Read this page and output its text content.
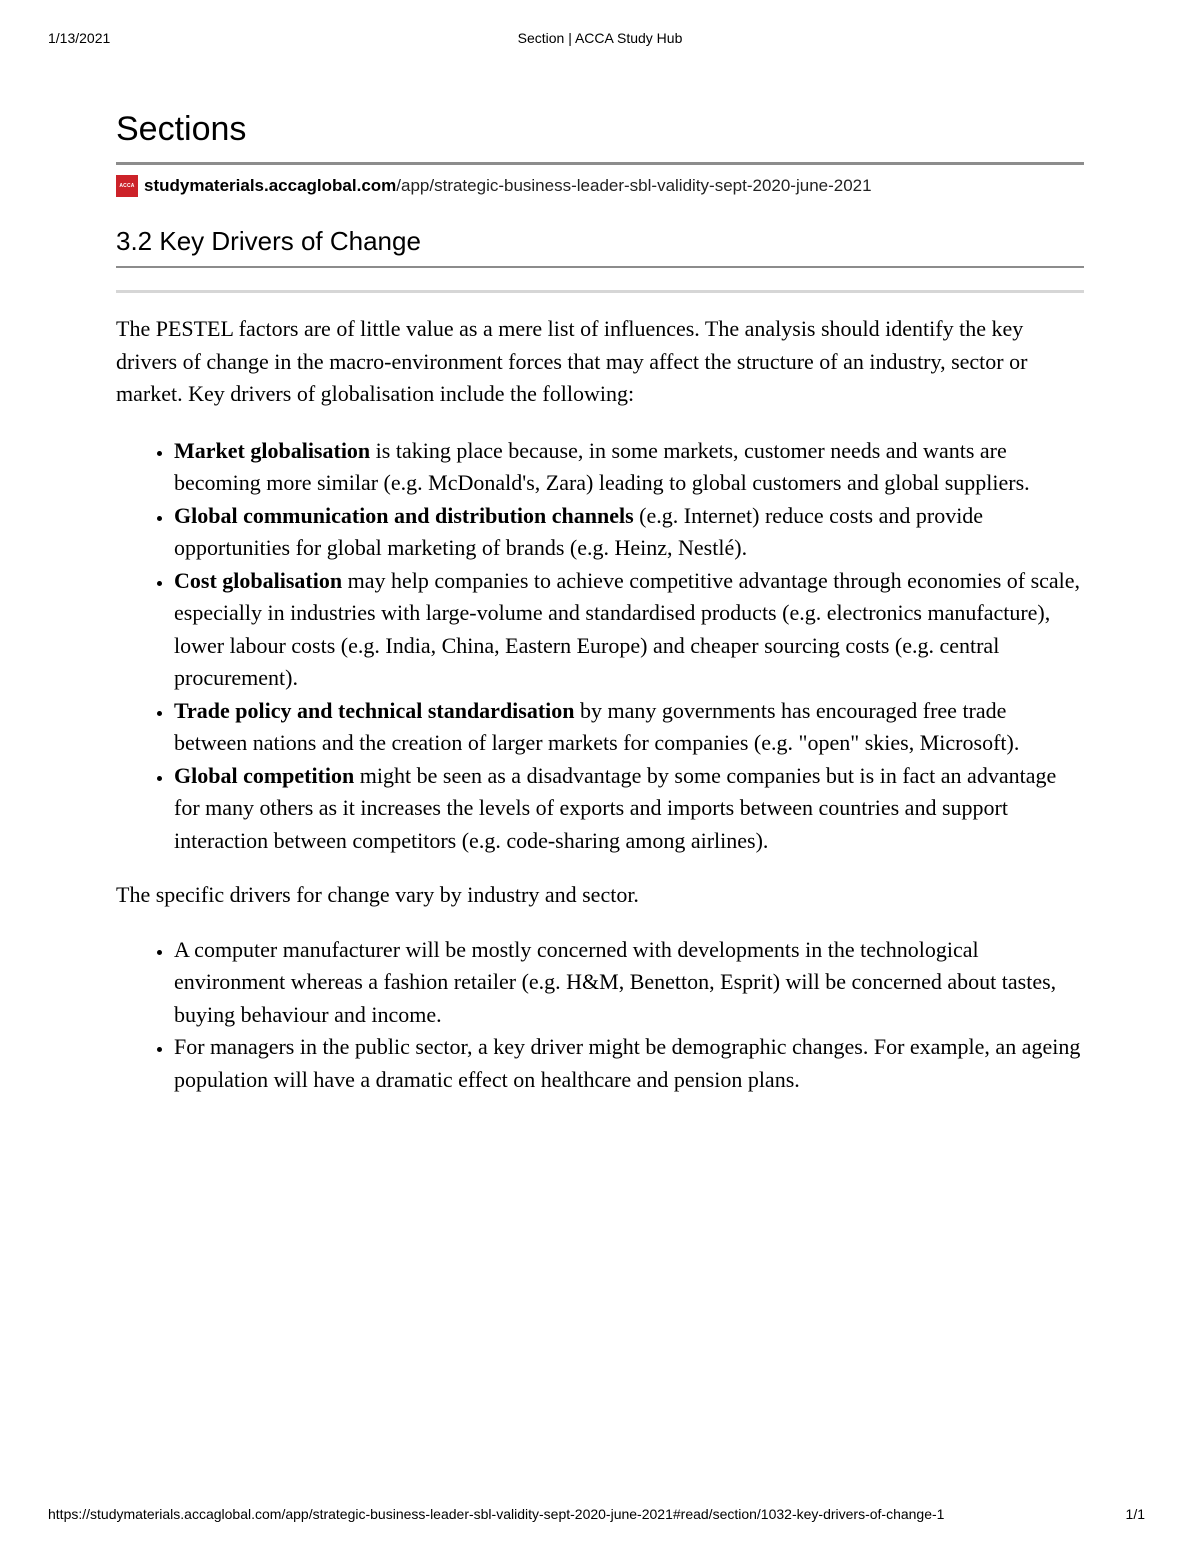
1/13/2021	Section | ACCA Study Hub
Sections
ACCA studymaterials.accaglobal.com /app/strategic-business-leader-sbl-validity-sept-2020-june-2021
3.2 Key Drivers of Change

The PESTEL factors are of little value as a mere list of influences. The analysis should identify the key drivers of change in the macro-environment forces that may affect the structure of an industry, sector or market. Key drivers of globalisation include the following:

• Market globalisation is taking place because, in some markets, customer needs and wants are becoming more similar (e.g. McDonald's, Zara) leading to global customers and global suppliers.
• Global communication and distribution channels (e.g. Internet) reduce costs and provide opportunities for global marketing of brands (e.g. Heinz, Nestlé).
• Cost globalisation may help companies to achieve competitive advantage through economies of scale, especially in industries with large-volume and standardised products (e.g. electronics manufacture), lower labour costs (e.g. India, China, Eastern Europe) and cheaper sourcing costs (e.g. central procurement).
• Trade policy and technical standardisation by many governments has encouraged free trade between nations and the creation of larger markets for companies (e.g. "open" skies, Microsoft).
• Global competition might be seen as a disadvantage by some companies but is in fact an advantage for many others as it increases the levels of exports and imports between countries and support interaction between competitors (e.g. code-sharing among airlines).

The specific drivers for change vary by industry and sector.

• A computer manufacturer will be mostly concerned with developments in the technological environment whereas a fashion retailer (e.g. H&M, Benetton, Esprit) will be concerned about tastes, buying behaviour and income.
• For managers in the public sector, a key driver might be demographic changes. For example, an ageing population will have a dramatic effect on healthcare and pension plans.
https://studymaterials.accaglobal.com/app/strategic-business-leader-sbl-validity-sept-2020-june-2021#read/section/1032-key-drivers-of-change-1	1/1
